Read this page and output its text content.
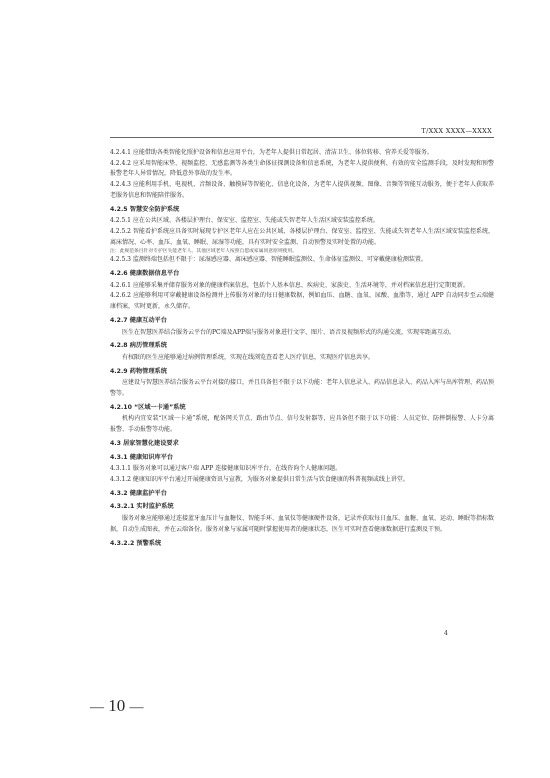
T/XXX XXXX—XXXX

4.2.4.1 应能借助各类智能化照护设备和信息应用平台，为老年人提供日常起居、清洁卫生、体位转移、营养关爱等服务。

4.2.4.2 应采用智能床垫、视频监控、无感监测等各类生命体征探测设备和信息系统，为老年人提供便利、有效的安全监测手段，及时发现和预警报警老年人异常情况，降低意外事故的发生率。

4.2.4.3 应能利用手机、电视机、音频设备、触摸屏等智能化、信息化设备，为老年人提供视频、图像、音频等智能互动服务，便于老年人获取养老服务信息和智能陪伴服务。

4.2.5 智慧安全防护系统

4.2.5.1 应在公共区域、各楼层护理台、保安室、监控室、失能或失智老年人生活区域安装监控系统。

4.2.5.2 智能看护系统应具备实时展现专护区老年人应在公共区域、各楼层护理台、保安室、监控室、失能或失智老年人生活区域安装监控系统，离床情况、心率、血压、血氧、睡眠、尿湿等功能，具有实时安全监测、自动预警及实时处置的功能。

注：此规范条目针对专护区失能老年人、其他区域老年人按照自愿或家属同意原则使用。

4.2.5.3 监测终端包括但不限于：尿湿感应器、离床感应器、智能睡眠监测仪、生命体征监测仪、可穿戴健康检测装置。

4.2.6 健康数据信息平台

4.2.6.1 应能够采集并储存服务对象的健康档案信息，包括个人基本信息、疾病史、家族史、生活环境等，并对档案信息进行定期更新。

4.2.6.2 应能够利用可穿戴健康设备检测并上传服务对象的每日健康数据，例如血压、血糖、血氧、尿酸、血脂等，通过 APP 自动同步至云端健康档案，实时更新，永久储存。

4.2.7 健康互动平台

医生在智慧医养结合服务云平台的PC端及APP端与服务对象进行文字、图片、语音及视频形式的沟通交流，实现零距离互动。

4.2.8 病历管理系统

有权限的医生应能够通过病例管理系统，实现在线浏览查看老人医疗信息，实现医疗信息共享。

4.2.9 药物管理系统

应建设与智慧医养结合服务云平台对接的接口，并且具备但不限于以下功能：老年人信息录入、药品信息录入、药品入库与出库管理、药品预警等。

4.2.10 “区域一卡通”系统

机构内宜安装“区域一卡通”系统，配备网关节点、路由节点、信号发射器等，应具备但不限于以下功能：人员定位、防摔倒报警、人卡分离报警、手动报警等功能。

4.3 居家智慧化建设要求
4.3.1 健康知识库平台

4.3.1.1 服务对象可以通过客户端 APP 连接健康知识库平台，在线咨询个人健康问题。

4.3.1.2 健康知识库平台通过开展健康资讯与宣教，为服务对象提供日常生活与饮食健康的科普视频或线上讲堂。

4.3.2 健康监护平台
4.3.2.1 实时监护系统

服务对象应能够通过连接蓝牙血压计与血糖仪、智能手环、血氧仪等健康硬件设备，记录并获取每日血压、血糖、血氧、运动、睡眠等指标数据，自动生成图表，并在云端备份。服务对象与家属可随时掌握使用者的健康状态，医生可实时查看健康数据进行监测及干预。

4.3.2.2 预警系统
4
— 10 —
